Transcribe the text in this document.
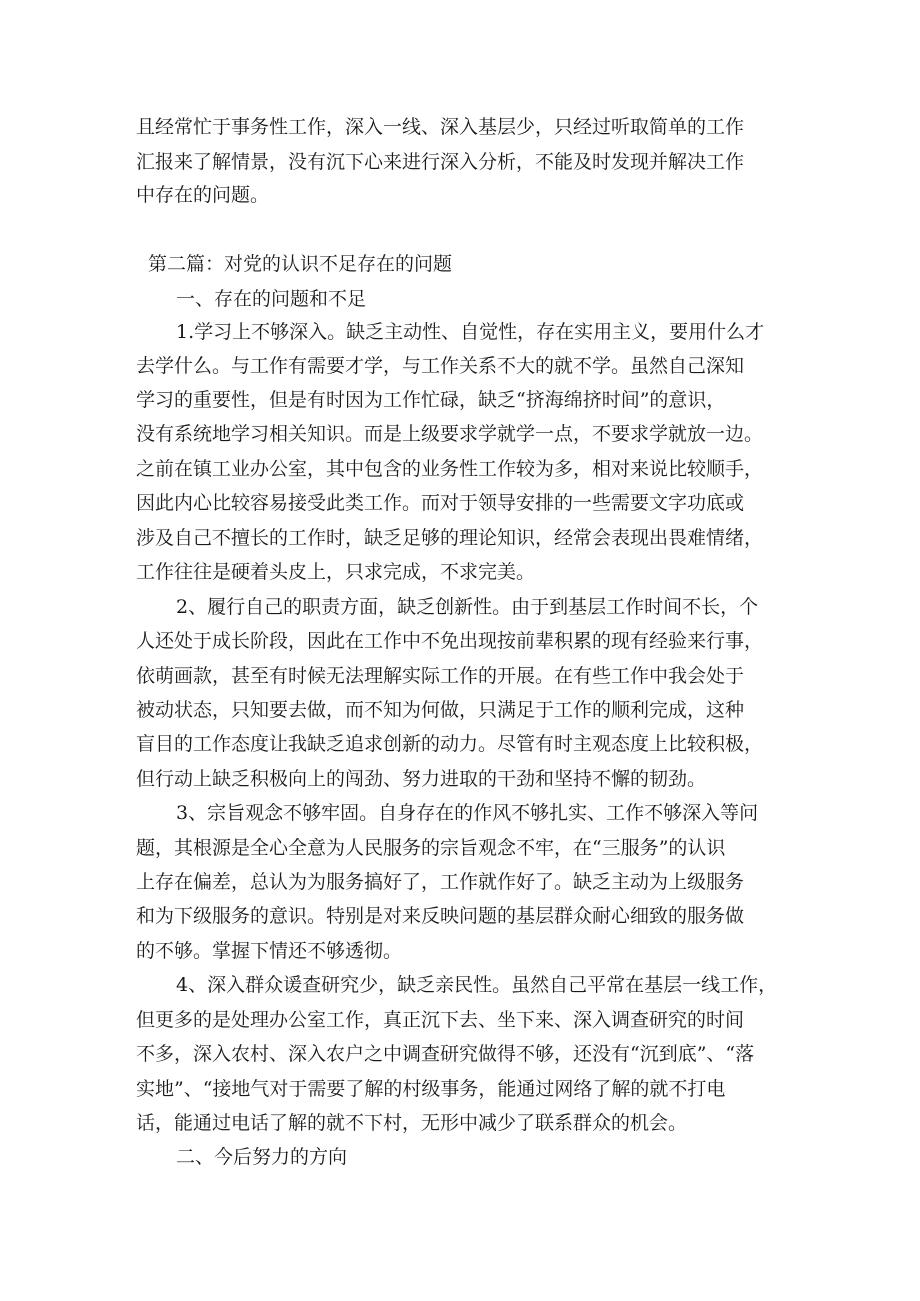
且经常忙于事务性工作，深入一线、深入基层少，只经过听取简单的工作
汇报来了解情景，没有沉下心来进行深入分析，不能及时发现并解决工作
中存在的问题。
第二篇：对党的认识不足存在的问题
一、存在的问题和不足
1.学习上不够深入。缺乏主动性、自觉性，存在实用主义，要用什么才
去学什么。与工作有需要才学，与工作关系不大的就不学。虽然自己深知
学习的重要性，但是有时因为工作忙碌，缺乏“挤海绵挤时间”的意识，
没有系统地学习相关知识。而是上级要求学就学一点，不要求学就放一边。
之前在镇工业办公室，其中包含的业务性工作较为多，相对来说比较顺手，
因此内心比较容易接受此类工作。而对于领导安排的一些需要文字功底或
涉及自己不擅长的工作时，缺乏足够的理论知识，经常会表现出畏难情绪，
工作往往是硬着头皮上，只求完成，不求完美。
2、履行自己的职责方面，缺乏创新性。由于到基层工作时间不长，个
人还处于成长阶段，因此在工作中不免出现按前辈积累的现有经验来行事，
依萌画款，甚至有时候无法理解实际工作的开展。在有些工作中我会处于
被动状态，只知要去做，而不知为何做，只满足于工作的顺利完成，这种
盲目的工作态度让我缺乏追求创新的动力。尽管有时主观态度上比较积极，
但行动上缺乏积极向上的闯劲、努力进取的干劲和坚持不懈的韧劲。
3、宗旨观念不够牢固。自身存在的作风不够扎实、工作不够深入等问
题，其根源是全心全意为人民服务的宗旨观念不牢，在“三服务”的认识
上存在偏差，总认为为服务搞好了，工作就作好了。缺乏主动为上级服务
和为下级服务的意识。特别是对来反映问题的基层群众耐心细致的服务做
的不够。掌握下情还不够透彻。
4、深入群众谖查研究少，缺乏亲民性。虽然自己平常在基层一线工作，
但更多的是处理办公室工作，真正沉下去、坐下来、深入调查研究的时间
不多，深入农村、深入农户之中调查研究做得不够，还没有“沉到底”、“落
实地”、“接地气对于需要了解的村级事务，能通过网络了解的就不打电
话，能通过电话了解的就不下村，无形中减少了联系群众的机会。
二、今后努力的方向
